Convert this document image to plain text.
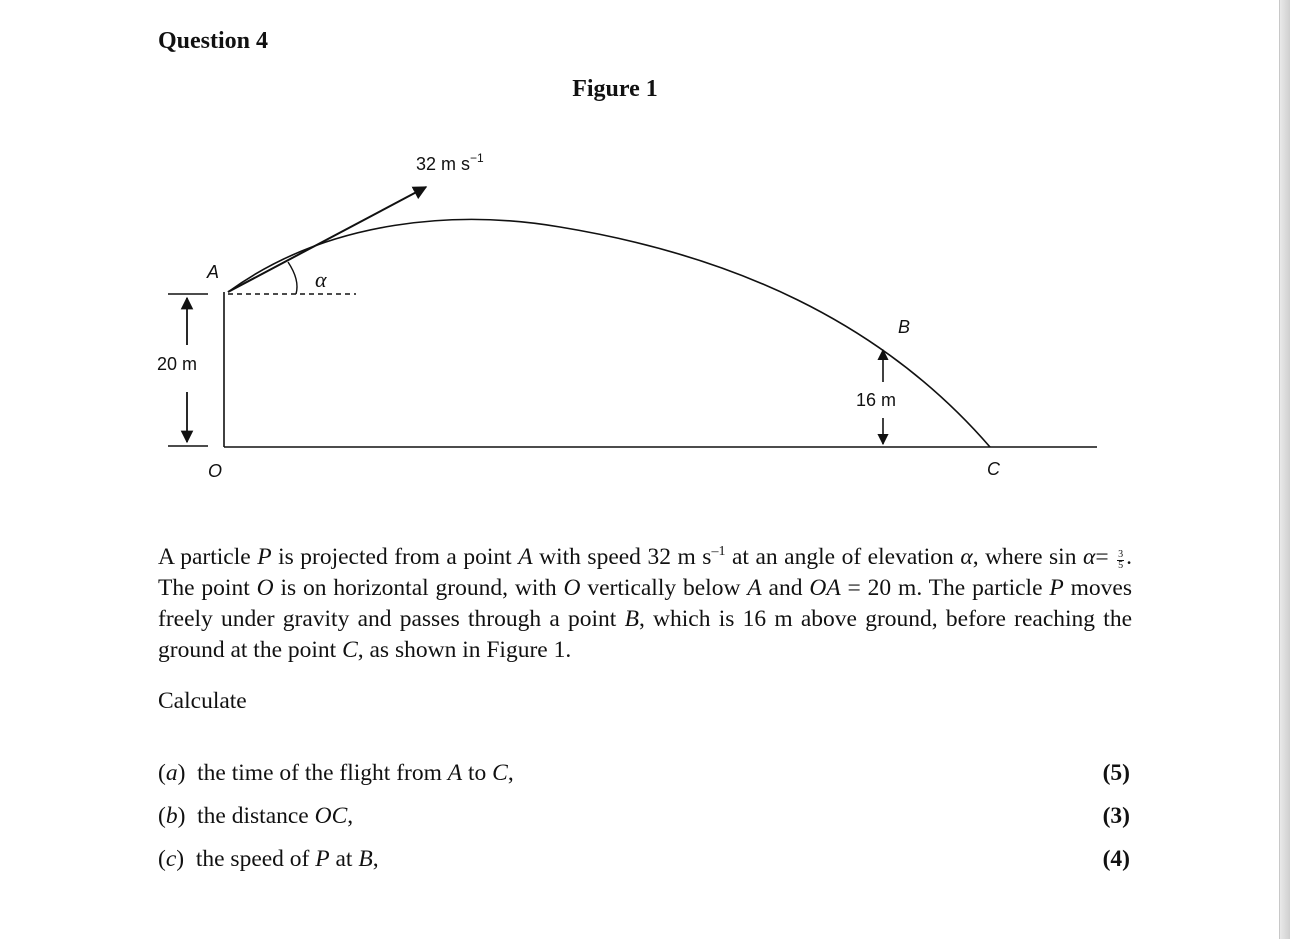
Question 4
Figure 1
32 m $s^{-1}$
α
A
B
C
O
20 m
16 m
A particle P is projected from a point A with speed 32 m $s^{-1}$ at an angle of elevation α, where $\sin \alpha= \frac{3}{5}$ . The point O is on horizontal ground, with O vertically below A and OA = 20 m. The particle P moves freely under gravity and passes through a point B, which is 16 m above ground, before reaching the ground at the point C, as shown in Figure 1.
Calculate
(a)  the time of the flight from A to C,	(5)
(b)  the distance OC,	(3)
(c)  the speed of P at B,	(4)
